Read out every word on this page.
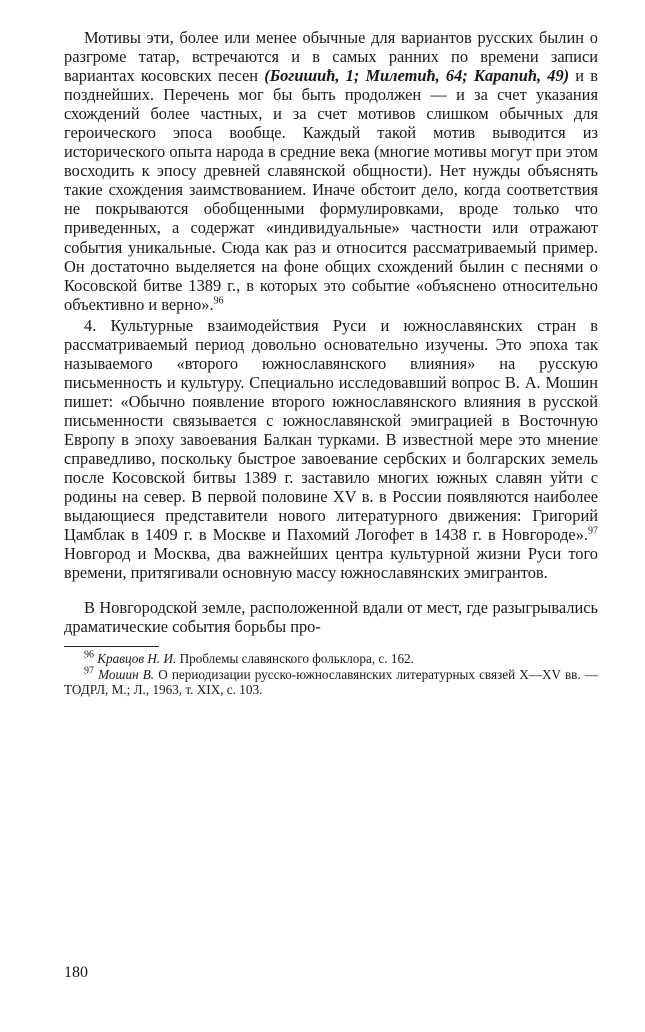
Мотивы эти, более или менее обычные для вариантов русских былин о разгроме татар, встречаются и в самых ранних по времени записи вариантах косовских песен (Богишић, 1; Милетић, 64; Карапић, 49) и в позднейших. Перечень мог бы быть продолжен — и за счет указания схождений более частных, и за счет мотивов слишком обычных для героического эпоса вообще. Каждый такой мотив выводится из исторического опыта народа в средние века (многие мотивы могут при этом восходить к эпосу древней славянской общности). Нет нужды объяснять такие схождения заимствованием. Иначе обстоит дело, когда соответствия не покрываются обобщенными формулировками, вроде только что приведенных, а содержат «индивидуальные» частности или отражают события уникальные. Сюда как раз и относится рассматриваемый пример. Он достаточно выделяется на фоне общих схождений былин с песнями о Косовской битве 1389 г., в которых это событие «объяснено относительно объективно и верно».$^{96}$

4. Культурные взаимодействия Руси и южнославянских стран в рассматриваемый период довольно основательно изучены. Это эпоха так называемого «второго южнославянского влияния» на русскую письменность и культуру. Специально исследовавший вопрос В. А. Мошин пишет: «Обычно появление второго южнославянского влияния в русской письменности связывается с южнославянской эмиграцией в Восточную Европу в эпоху завоевания Балкан турками. В известной мере это мнение справедливо, поскольку быстрое завоевание сербских и болгарских земель после Косовской битвы 1389 г. заставило многих южных славян уйти с родины на север. В первой половине XV в. в России появляются наиболее выдающиеся представители нового литературного движения: Григорий Цамблак в 1409 г. в Москве и Пахомий Логофет в 1438 г. в Новгороде».$^{97}$ Новгород и Москва, два важнейших центра культурной жизни Руси того времени, притягивали основную массу южнославянских эмигрантов.

В Новгородской земле, расположенной вдали от мест, где разыгрывались драматические события борьбы про-

$^{96}$ Кравцов Н. И. Проблемы славянского фольклора, с. 162.

$^{97}$ Мошин В. О периодизации русско-южнославянских литературных связей X—XV вв. — ТОДРЛ, М.; Л., 1963, т. XIX, с. 103.

180
